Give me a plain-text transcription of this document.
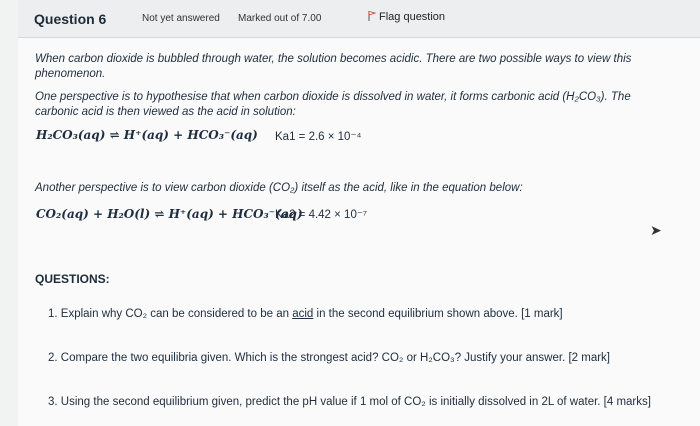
Question 6	Not yet answered Marked out of 7.00	Flag question
When carbon dioxide is bubbled through water, the solution becomes acidic. There are two possible ways to view this phenomenon.
One perspective is to hypothesise that when carbon dioxide is dissolved in water, it forms carbonic acid (H₂CO₃). The carbonic acid is then viewed as the acid in solution:
H₂CO₃(aq) ⇌ H⁺(aq) + HCO₃⁻(aq) Ka1 = 2.6 × 10⁻⁴
Another perspective is to view carbon dioxide (CO₂) itself as the acid, like in the equation below:
CO₂(aq) + H₂O(l) ⇌ H⁺(aq) + HCO₃⁻(aq)
Ka2 = 4.42 × 10⁻⁷
➤
QUESTIONS:
1. Explain why CO₂ can be considered to be an acid in the second equilibrium shown above. [1 mark]
2. Compare the two equilibria given. Which is the strongest acid? CO₂ or H₂CO₃? Justify your answer. [2 mark]
3. Using the second equilibrium given, predict the pH value if 1 mol of CO₂ is initially dissolved in 2L of water. [4 marks]
